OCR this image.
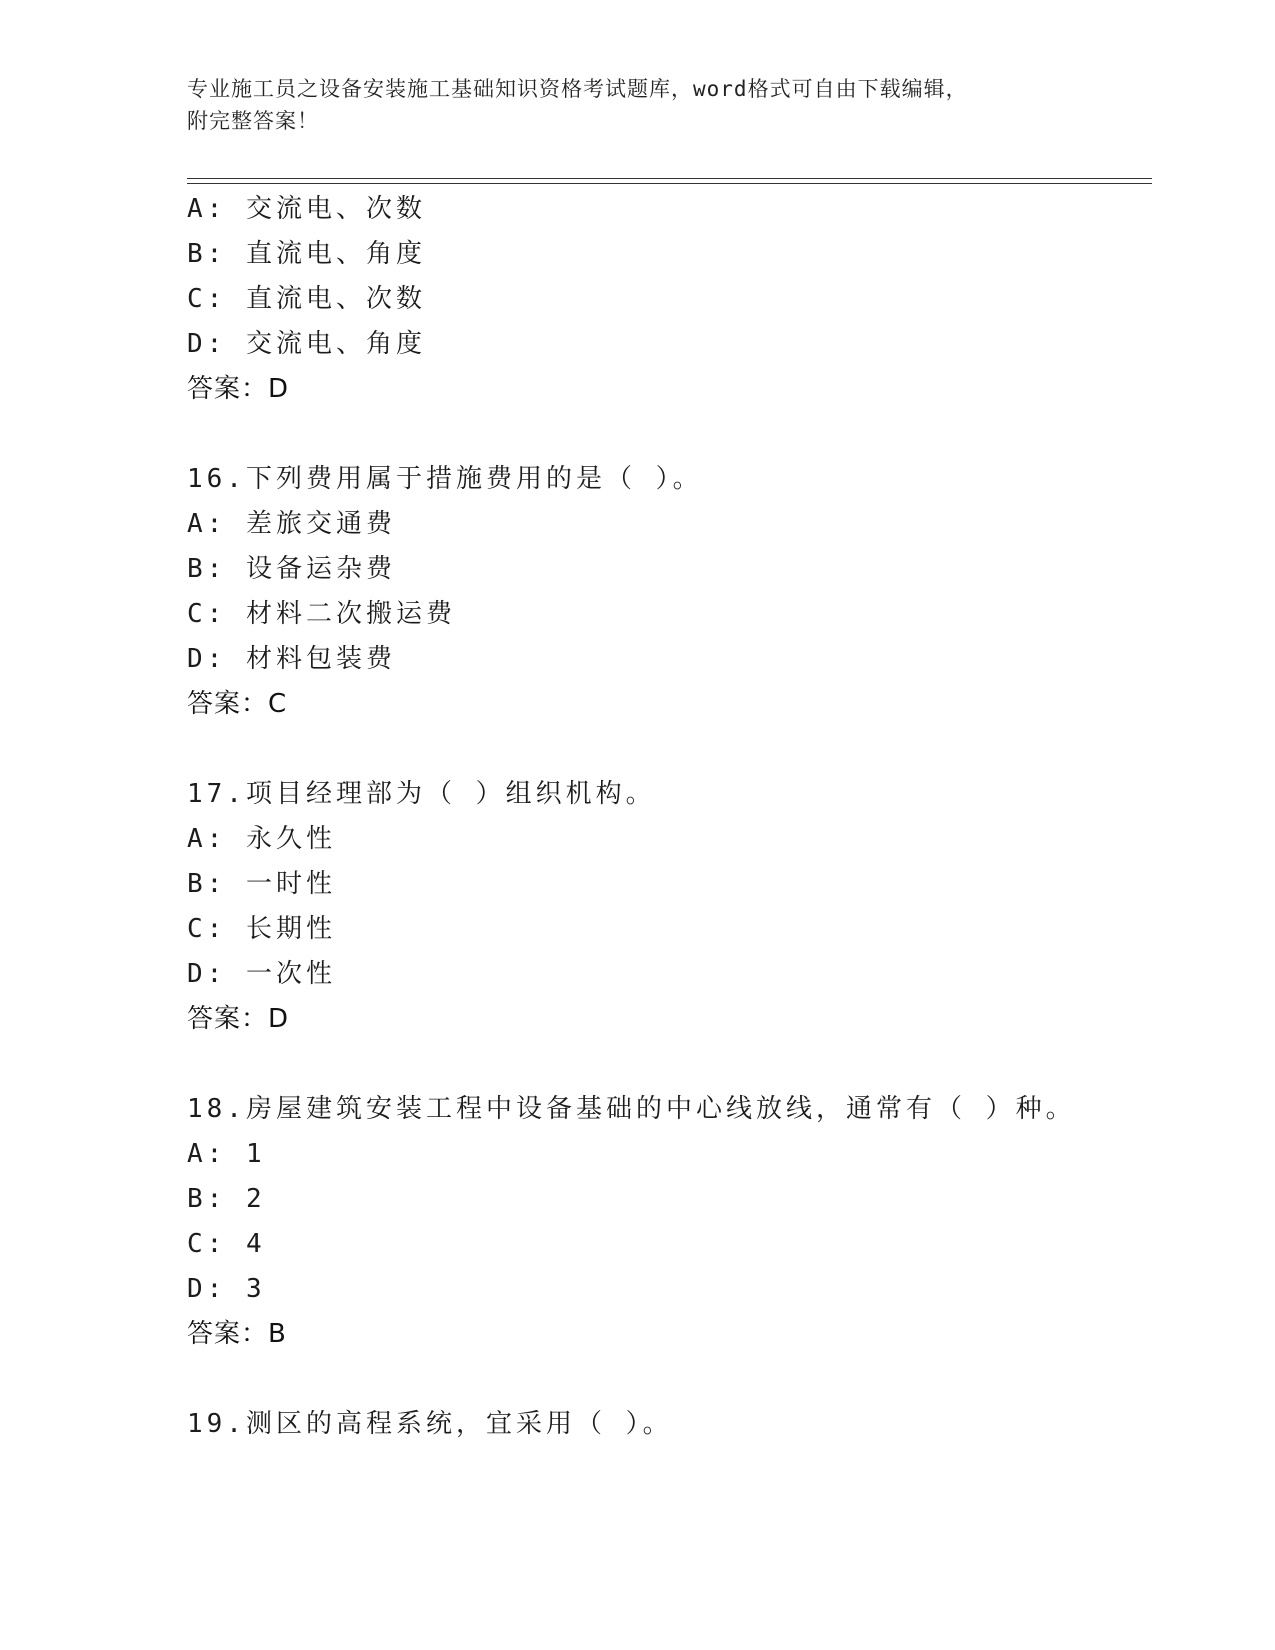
专业施工员之设备安装施工基础知识资格考试题库，word格式可自由下载编辑，
附完整答案！
A: 交流电、次数
B: 直流电、角度
C: 直流电、次数
D: 交流电、角度
答案：D
16.下列费用属于措施费用的是（ ）。
A: 差旅交通费
B: 设备运杂费
C: 材料二次搬运费
D: 材料包装费
答案：C
17.项目经理部为（ ）组织机构。
A: 永久性
B: 一时性
C: 长期性
D: 一次性
答案：D
18.房屋建筑安装工程中设备基础的中心线放线，通常有（ ）种。
A: 1
B: 2
C: 4
D: 3
答案：B
19.测区的高程系统，宜采用（ ）。
